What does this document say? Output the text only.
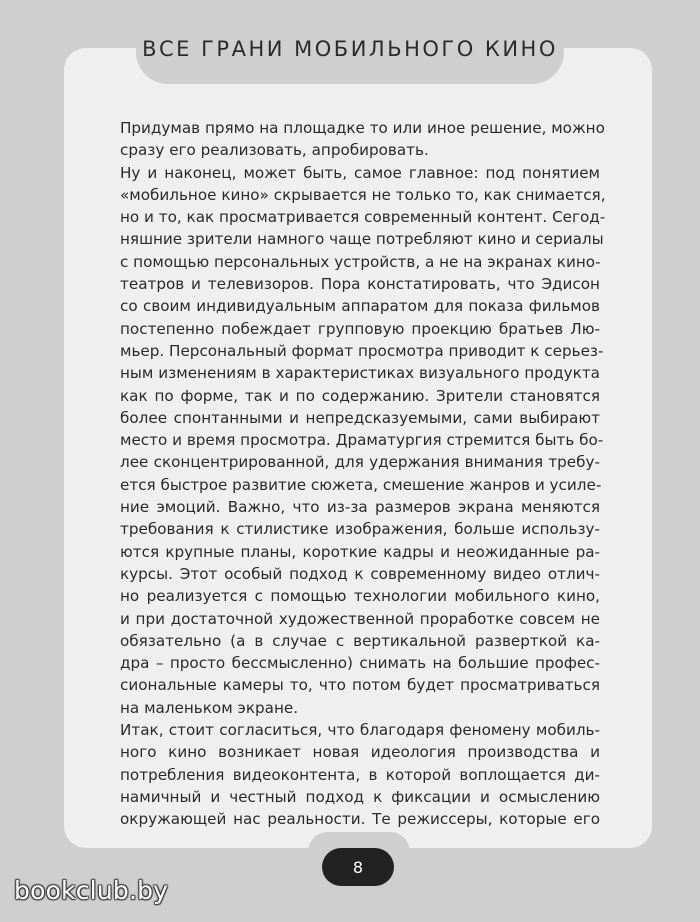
ВСЕ ГРАНИ МОБИЛЬНОГО КИНО
Придумав прямо на площадке то или иное решение, можно
сразу его реализовать, апробировать.
Ну и наконец, может быть, самое главное: под понятием
«мобильное кино» скрывается не только то, как снимается,
но и то, как просматривается современный контент. Сегод-
няшние зрители намного чаще потребляют кино и сериалы
с помощью персональных устройств, а не на экранах кино-
театров и телевизоров. Пора констатировать, что Эдисон
со своим индивидуальным аппаратом для показа фильмов
постепенно побеждает групповую проекцию братьев Лю-
мьер. Персональный формат просмотра приводит к серьез-
ным изменениям в характеристиках визуального продукта
как по форме, так и по содержанию. Зрители становятся
более спонтанными и непредсказуемыми, сами выбирают
место и время просмотра. Драматургия стремится быть бо-
лее сконцентрированной, для удержания внимания требу-
ется быстрое развитие сюжета, смешение жанров и усиле-
ние эмоций. Важно, что из-за размеров экрана меняются
требования к стилистике изображения, больше использу-
ются крупные планы, короткие кадры и неожиданные ра-
курсы. Этот особый подход к современному видео отлич-
но реализуется с помощью технологии мобильного кино,
и при достаточной художественной проработке совсем не
обязательно (а в случае с вертикальной разверткой ка-
дра – просто бессмысленно) снимать на большие профес-
сиональные камеры то, что потом будет просматриваться
на маленьком экране.
Итак, стоит согласиться, что благодаря феномену мобиль-
ного кино возникает новая идеология производства и
потребления видеоконтента, в которой воплощается ди-
намичный и честный подход к фиксации и осмыслению
окружающей нас реальности. Те режиссеры, которые его
8
bookclub.by
